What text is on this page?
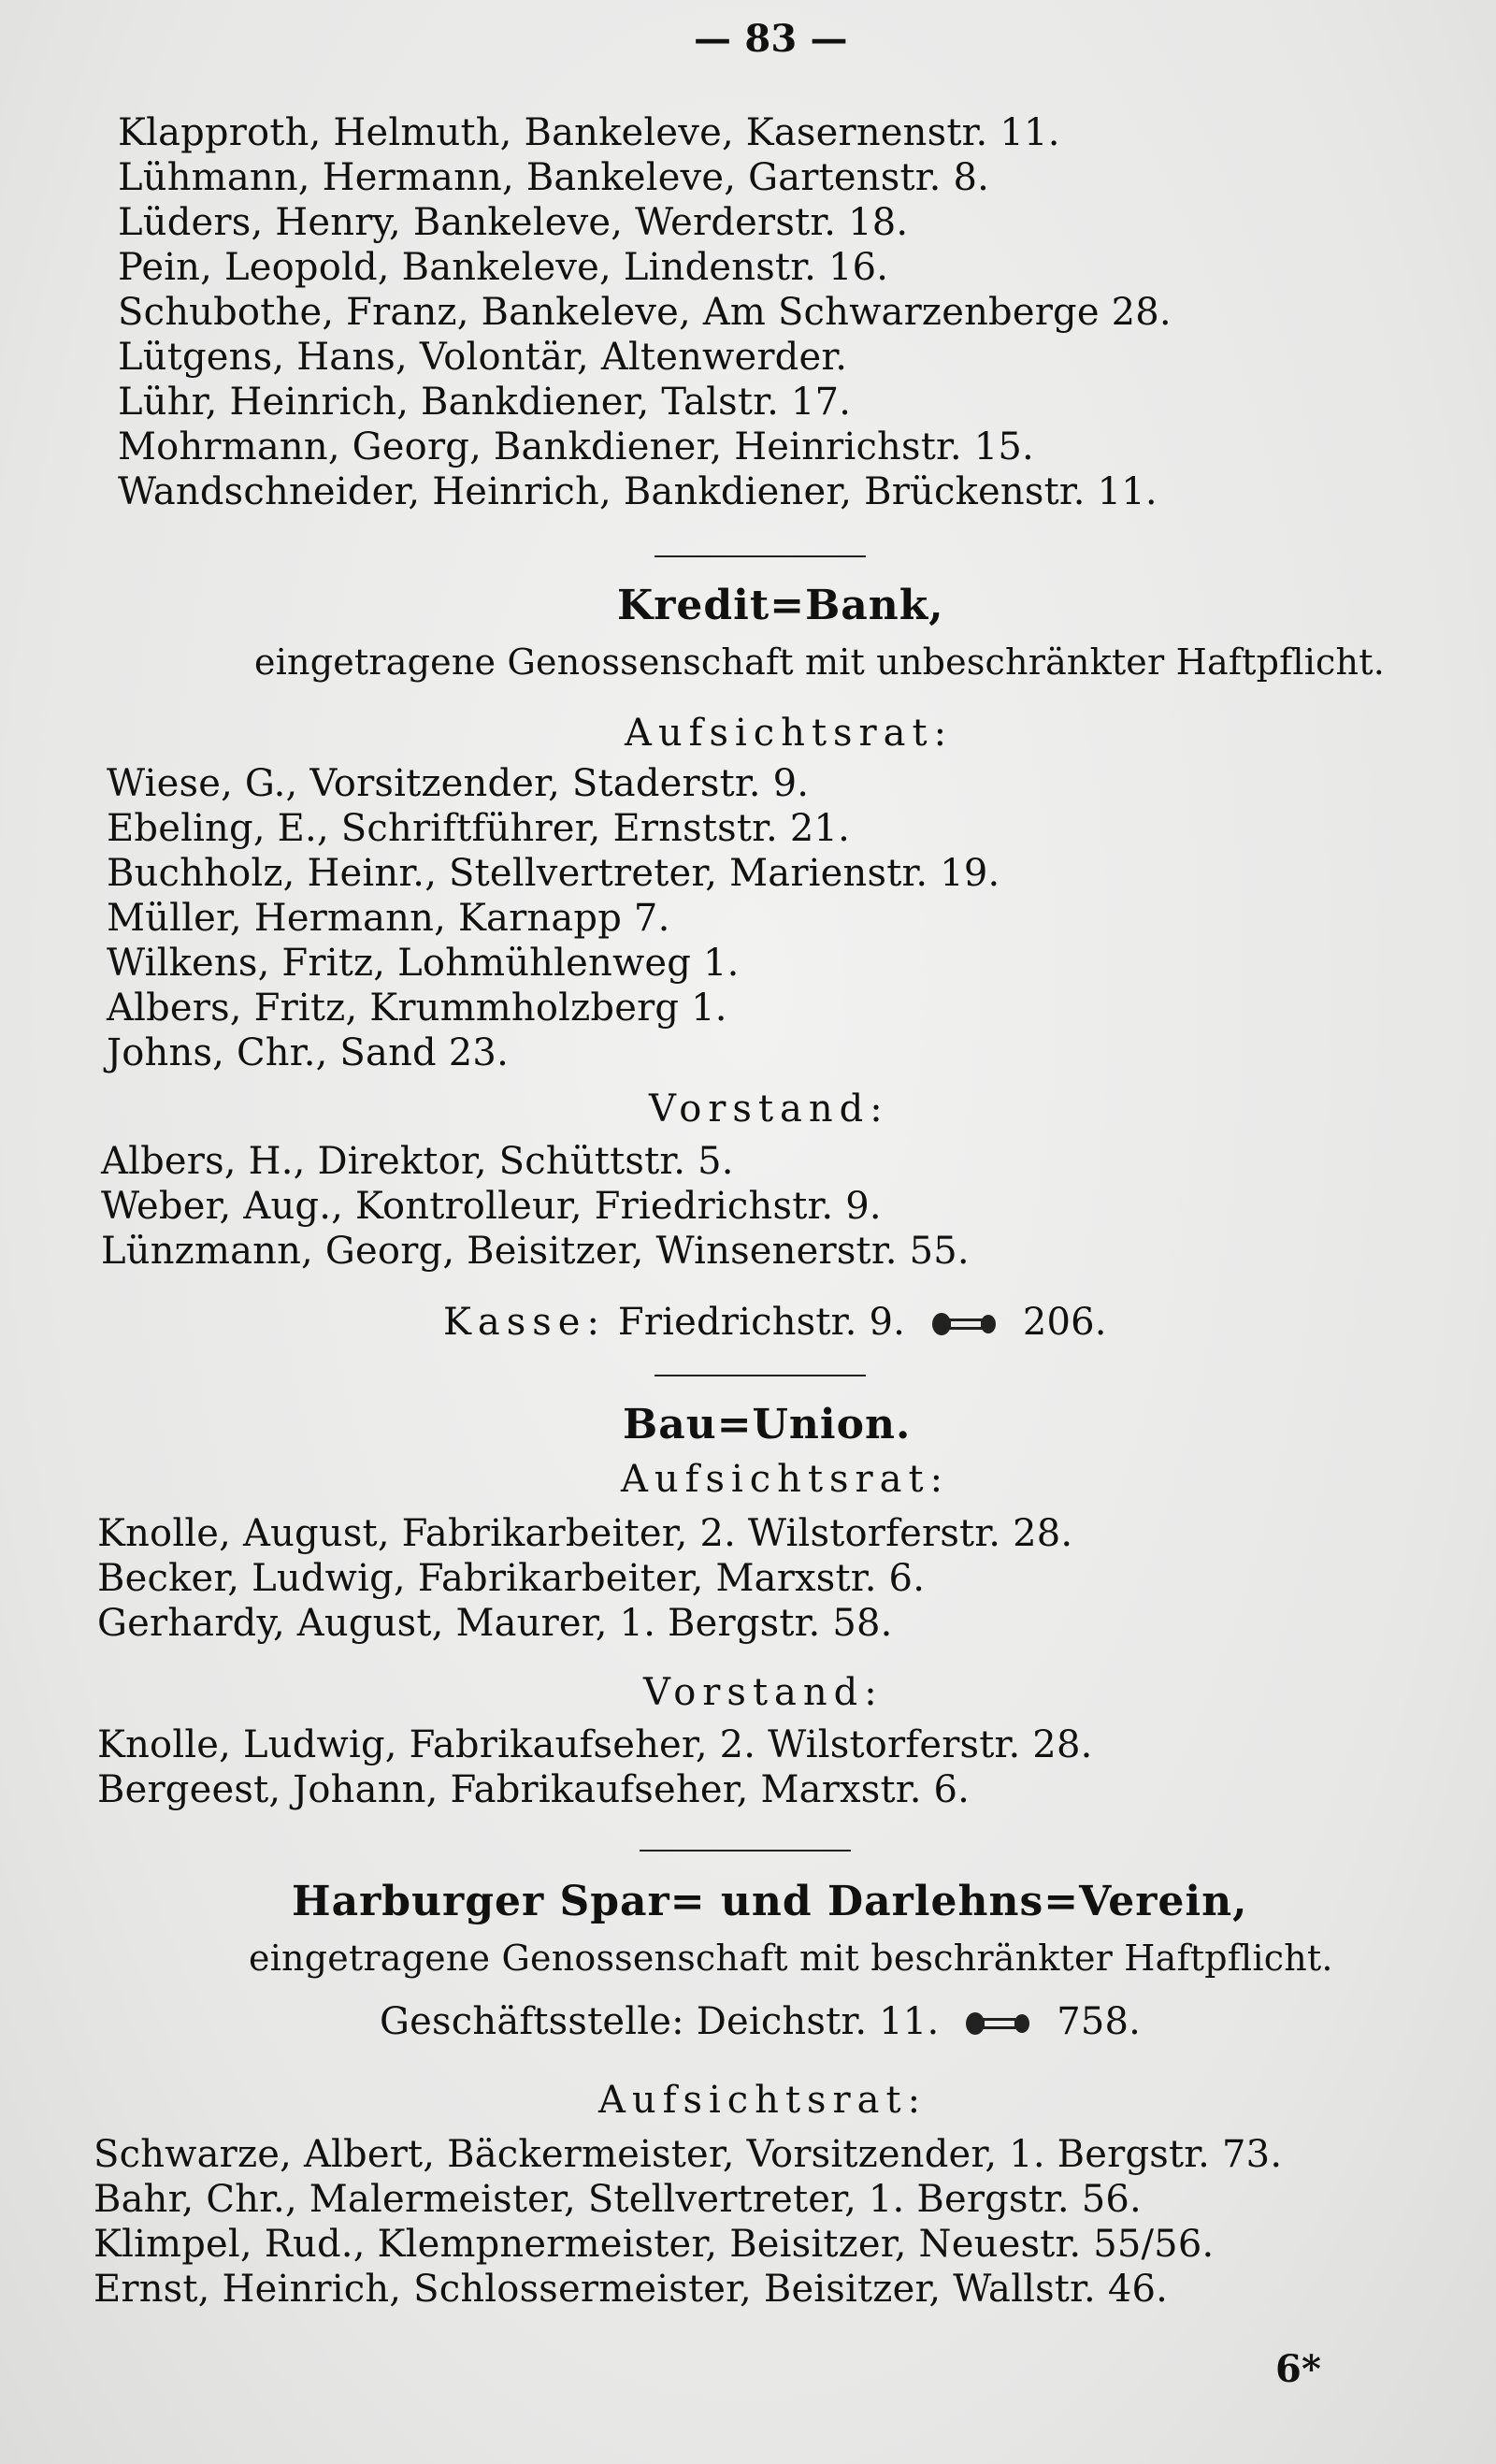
— 83 —
Klapproth, Helmuth, Bankeleve, Kasernenstr. 11.
Lühmann, Hermann, Bankeleve, Gartenstr. 8.
Lüders, Henry, Bankeleve, Werderstr. 18.
Pein, Leopold, Bankeleve, Lindenstr. 16.
Schubothe, Franz, Bankeleve, Am Schwarzenberge 28.
Lütgens, Hans, Volontär, Altenwerder.
Lühr, Heinrich, Bankdiener, Talstr. 17.
Mohrmann, Georg, Bankdiener, Heinrichstr. 15.
Wandschneider, Heinrich, Bankdiener, Brückenstr. 11.
Kredit=Bank,
eingetragene Genossenschaft mit unbeschränkter Haftpflicht.
Aufsichtsrat:
Wiese, G., Vorsitzender, Staderstr. 9.
Ebeling, E., Schriftführer, Ernststr. 21.
Buchholz, Heinr., Stellvertreter, Marienstr. 19.
Müller, Hermann, Karnapp 7.
Wilkens, Fritz, Lohmühlenweg 1.
Albers, Fritz, Krummholzberg 1.
Johns, Chr., Sand 23.
Vorstand:
Albers, H., Direktor, Schüttstr. 5.
Weber, Aug., Kontrolleur, Friedrichstr. 9.
Lünzmann, Georg, Beisitzer, Winsenerstr. 55.
Kasse: Friedrichstr. 9.	206.
Bau=Union.
Aufsichtsrat:
Knolle, August, Fabrikarbeiter, 2. Wilstorferstr. 28.
Becker, Ludwig, Fabrikarbeiter, Marxstr. 6.
Gerhardy, August, Maurer, 1. Bergstr. 58.
Vorstand:
Knolle, Ludwig, Fabrikaufseher, 2. Wilstorferstr. 28.
Bergeest, Johann, Fabrikaufseher, Marxstr. 6.
Harburger Spar= und Darlehns=Verein,
eingetragene Genossenschaft mit beschränkter Haftpflicht.
Geschäftsstelle: Deichstr. 11.	758.
Aufsichtsrat:
Schwarze, Albert, Bäckermeister, Vorsitzender, 1. Bergstr. 73.
Bahr, Chr., Malermeister, Stellvertreter, 1. Bergstr. 56.
Klimpel, Rud., Klempnermeister, Beisitzer, Neuestr. 55/56.
Ernst, Heinrich, Schlossermeister, Beisitzer, Wallstr. 46.
6*
